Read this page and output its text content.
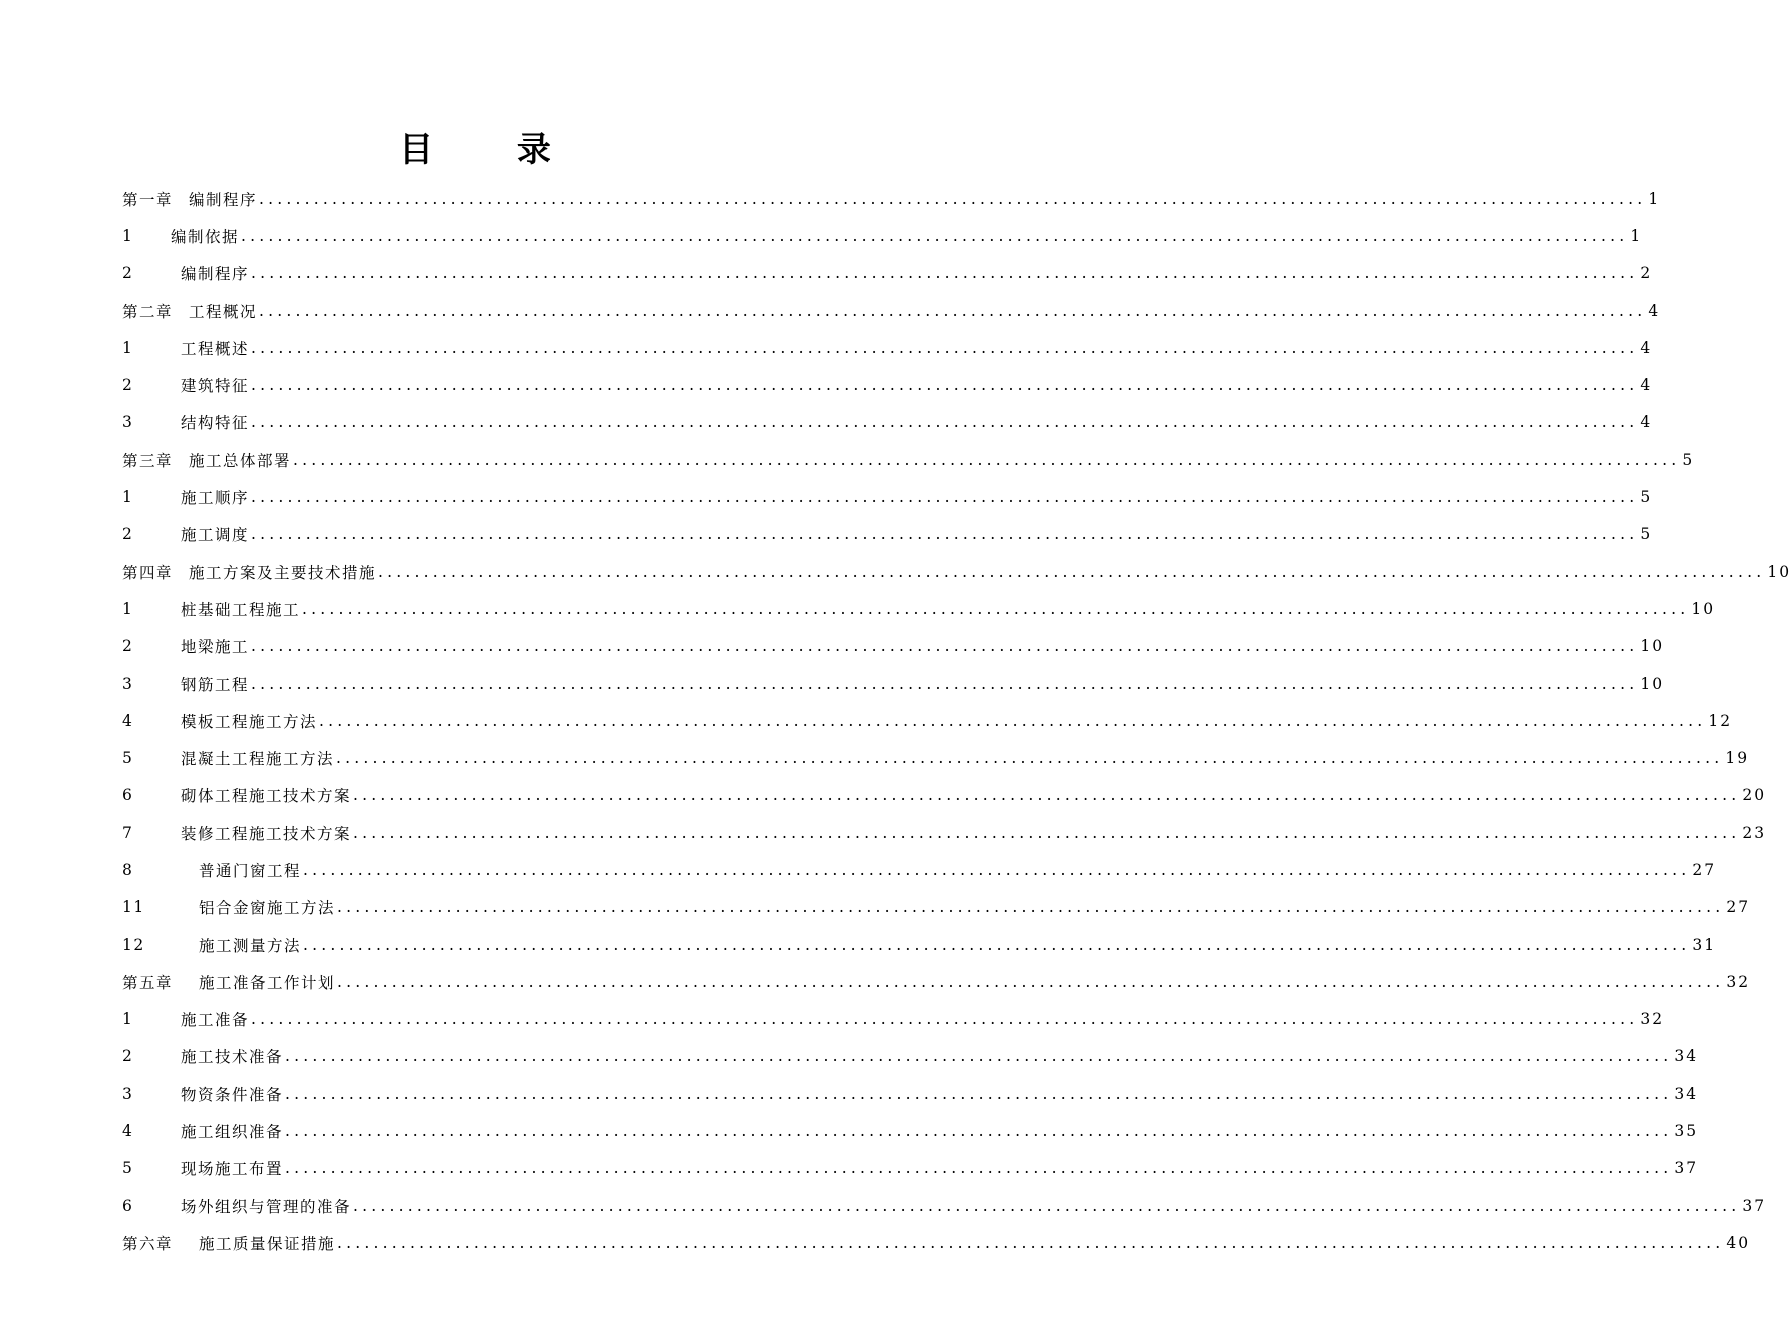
目 录
第一章	编制程序 ........................................................................................................................................................ 1
1	编制依据 ........................................................................................................................................................ 1
2	编制程序 ........................................................................................................................................................ 2
第二章	工程概况 ........................................................................................................................................................ 4
1	工程概述 ........................................................................................................................................................ 4
2	建筑特征 ........................................................................................................................................................ 4
3	结构特征 ........................................................................................................................................................ 4
第三章	施工总体部署 ........................................................................................................................................................ 5
1	施工顺序 ........................................................................................................................................................ 5
2	施工调度 ........................................................................................................................................................ 5
第四章	施工方案及主要技术措施 ........................................................................................................................................................ 10
1	桩基础工程施工 ........................................................................................................................................................ 10
2	地梁施工 ........................................................................................................................................................ 10
3	钢筋工程 ........................................................................................................................................................ 10
4	模板工程施工方法 ........................................................................................................................................................ 12
5	混凝土工程施工方法 ........................................................................................................................................................ 19
6	砌体工程施工技术方案 ........................................................................................................................................................ 20
7	装修工程施工技术方案 ........................................................................................................................................................ 23
8	普通门窗工程 ........................................................................................................................................................ 27
11	铝合金窗施工方法 ........................................................................................................................................................ 27
12	施工测量方法 ........................................................................................................................................................ 31
第五章	施工准备工作计划 ........................................................................................................................................................ 32
1	施工准备 ........................................................................................................................................................ 32
2	施工技术准备 ........................................................................................................................................................ 34
3	物资条件准备 ........................................................................................................................................................ 34
4	施工组织准备 ........................................................................................................................................................ 35
5	现场施工布置 ........................................................................................................................................................ 37
6	场外组织与管理的准备 ........................................................................................................................................................ 37
第六章	施工质量保证措施 ........................................................................................................................................................ 40
